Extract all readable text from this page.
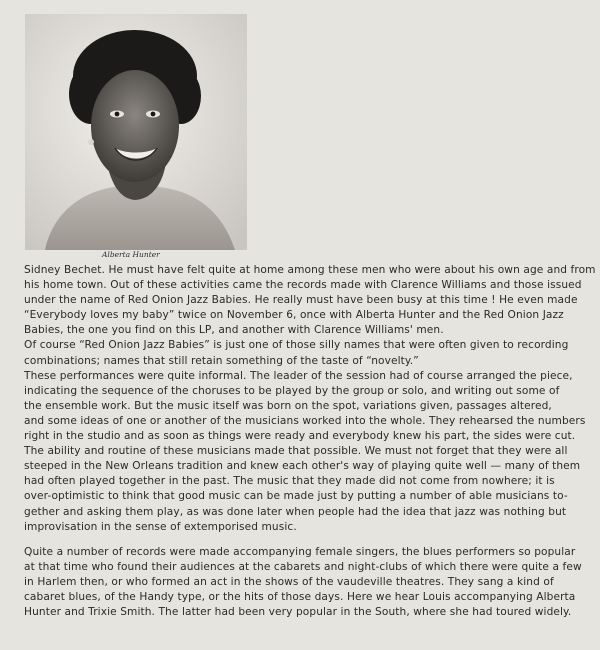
Alberta Hunter
Sidney Bechet. He must have felt quite at home among these men who were about his own age and from
his home town. Out of these activities came the records made with Clarence Williams and those issued
under the name of Red Onion Jazz Babies. He really must have been busy at this time ! He even made
“Everybody loves my baby” twice on November 6, once with Alberta Hunter and the Red Onion Jazz
Babies, the one you find on this LP, and another with Clarence Williams' men.
Of course “Red Onion Jazz Babies” is just one of those silly names that were often given to recording
combinations; names that still retain something of the taste of “novelty.”
These performances were quite informal. The leader of the session had of course arranged the piece,
indicating the sequence of the choruses to be played by the group or solo, and writing out some of
the ensemble work. But the music itself was born on the spot, variations given, passages altered,
and some ideas of one or another of the musicians worked into the whole. They rehearsed the numbers
right in the studio and as soon as things were ready and everybody knew his part, the sides were cut.
The ability and routine of these musicians made that possible. We must not forget that they were all
steeped in the New Orleans tradition and knew each other's way of playing quite well — many of them
had often played together in the past. The music that they made did not come from nowhere; it is
over-optimistic to think that good music can be made just by putting a number of able musicians to-
gether and asking them play, as was done later when people had the idea that jazz was nothing but
improvisation in the sense of extemporised music.
Quite a number of records were made accompanying female singers, the blues performers so popular
at that time who found their audiences at the cabarets and night-clubs of which there were quite a few
in Harlem then, or who formed an act in the shows of the vaudeville theatres. They sang a kind of
cabaret blues, of the Handy type, or the hits of those days. Here we hear Louis accompanying Alberta
Hunter and Trixie Smith. The latter had been very popular in the South, where she had toured widely.
